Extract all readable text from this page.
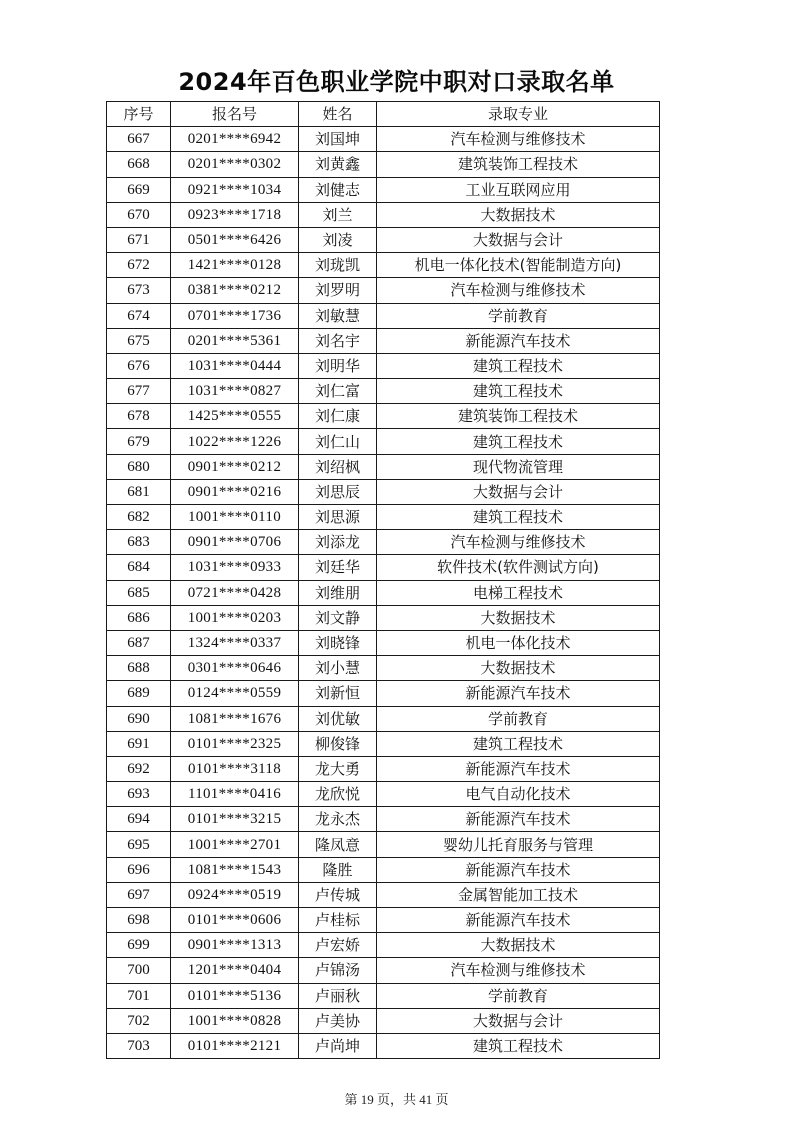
2024年百色职业学院中职对口录取名单
序号	报名号	姓名	录取专业
667	0201****6942	刘国坤	汽车检测与维修技术
668	0201****0302	刘黄鑫	建筑装饰工程技术
669	0921****1034	刘健志	工业互联网应用
670	0923****1718	刘兰	大数据技术
671	0501****6426	刘凌	大数据与会计
672	1421****0128	刘珑凯	机电一体化技术(智能制造方向)
673	0381****0212	刘罗明	汽车检测与维修技术
674	0701****1736	刘敏慧	学前教育
675	0201****5361	刘名宇	新能源汽车技术
676	1031****0444	刘明华	建筑工程技术
677	1031****0827	刘仁富	建筑工程技术
678	1425****0555	刘仁康	建筑装饰工程技术
679	1022****1226	刘仁山	建筑工程技术
680	0901****0212	刘绍枫	现代物流管理
681	0901****0216	刘思辰	大数据与会计
682	1001****0110	刘思源	建筑工程技术
683	0901****0706	刘添龙	汽车检测与维修技术
684	1031****0933	刘廷华	软件技术(软件测试方向)
685	0721****0428	刘维朋	电梯工程技术
686	1001****0203	刘文静	大数据技术
687	1324****0337	刘晓锋	机电一体化技术
688	0301****0646	刘小慧	大数据技术
689	0124****0559	刘新恒	新能源汽车技术
690	1081****1676	刘优敏	学前教育
691	0101****2325	柳俊锋	建筑工程技术
692	0101****3118	龙大勇	新能源汽车技术
693	1101****0416	龙欣悦	电气自动化技术
694	0101****3215	龙永杰	新能源汽车技术
695	1001****2701	隆凤意	婴幼儿托育服务与管理
696	1081****1543	隆胜	新能源汽车技术
697	0924****0519	卢传城	金属智能加工技术
698	0101****0606	卢桂标	新能源汽车技术
699	0901****1313	卢宏娇	大数据技术
700	1201****0404	卢锦汤	汽车检测与维修技术
701	0101****5136	卢丽秋	学前教育
702	1001****0828	卢美协	大数据与会计
703	0101****2121	卢尚坤	建筑工程技术
第 19 页，共 41 页
